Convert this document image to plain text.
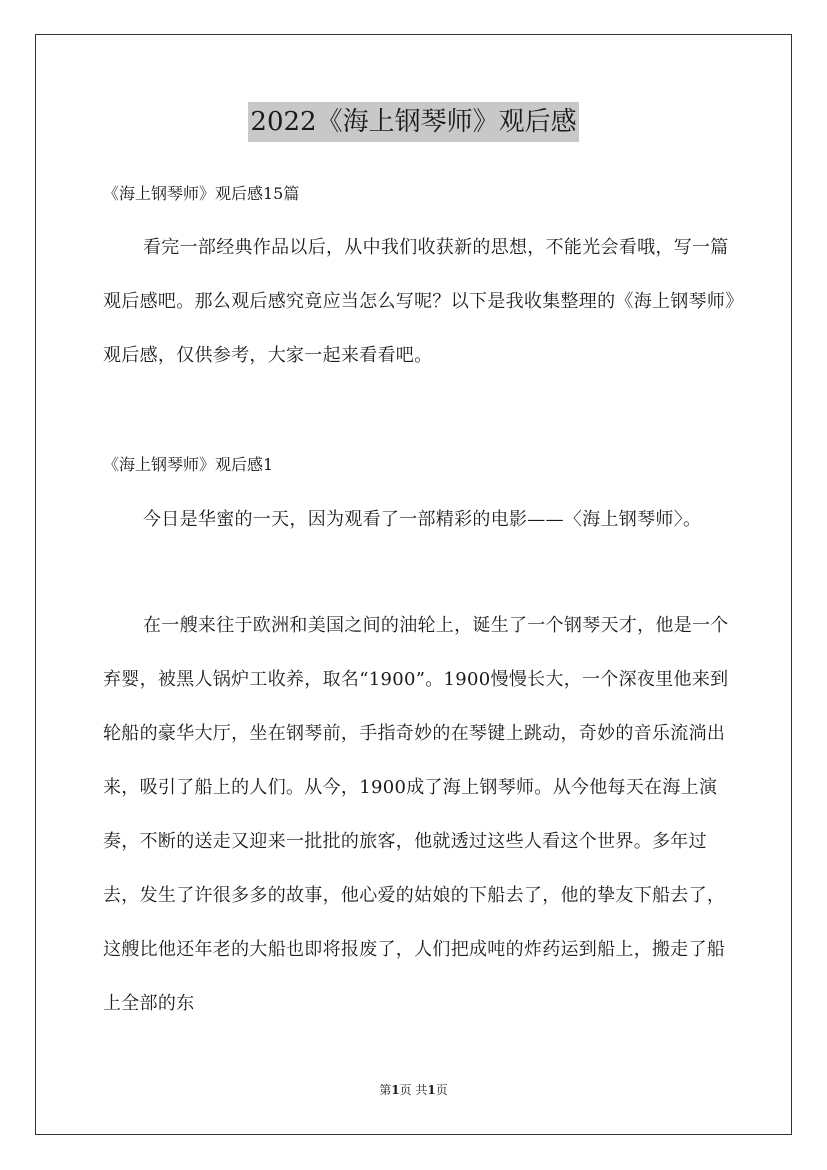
2022《海上钢琴师》观后感
《海上钢琴师》观后感15篇

看完一部经典作品以后，从中我们收获新的思想，不能光会看哦，写一篇观后感吧。那么观后感究竟应当怎么写呢？以下是我收集整理的《海上钢琴师》观后感，仅供参考，大家一起来看看吧。

《海上钢琴师》观后感1

今日是华蜜的一天，因为观看了一部精彩的电影——〈海上钢琴师〉。

在一艘来往于欧洲和美国之间的油轮上，诞生了一个钢琴天才，他是一个弃婴，被黑人锅炉工收养，取名“1900”。1900慢慢长大，一个深夜里他来到轮船的豪华大厅，坐在钢琴前，手指奇妙的在琴键上跳动，奇妙的音乐流淌出来，吸引了船上的人们。从今，1900成了海上钢琴师。从今他每天在海上演奏，不断的送走又迎来一批批的旅客，他就透过这些人看这个世界。多年过去，发生了许很多多的故事，他心爱的姑娘的下船去了，他的挚友下船去了，这艘比他还年老的大船也即将报废了，人们把成吨的炸药运到船上，搬走了船上全部的东

第1页 共1页
